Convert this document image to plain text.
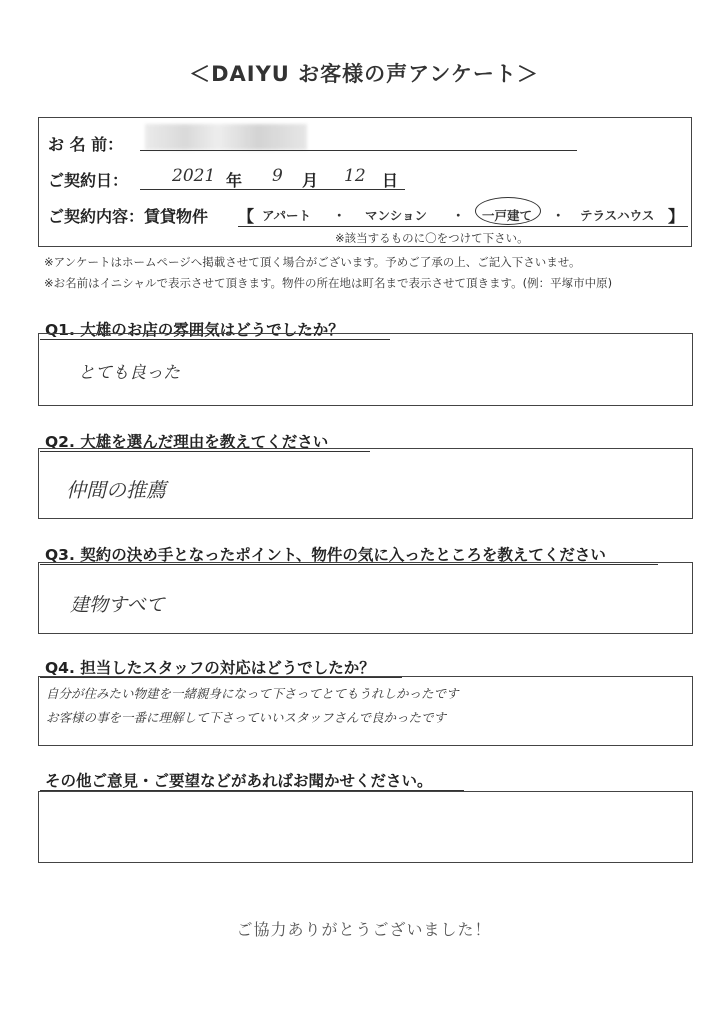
＜DAIYU お客様の声アンケート＞
お 名 前：
ご契約日：	2021 年 9 月 12 日
ご契約内容：賃貸物件 【 アパート ・ マンション ・ 一戸建て ・ テラスハウス 】
※該当するものに〇をつけて下さい。
※アンケートはホームページへ掲載させて頂く場合がございます。予めご了承の上、ご記入下さいませ。
※お名前はイニシャルで表示させて頂きます。物件の所在地は町名まで表示させて頂きます。(例：平塚市中原)
Q1. 大雄のお店の雰囲気はどうでしたか？
とても良った
Q2. 大雄を選んだ理由を教えてください
仲間の推薦
Q3. 契約の決め手となったポイント、物件の気に入ったところを教えてください
建物すべて
Q4. 担当したスタッフの対応はどうでしたか？
自分が住みたい物建を一緒親身になって下さってとてもうれしかったです
お客様の事を一番に理解して下さっていいスタッフさんで良かったです
その他ご意見・ご要望などがあればお聞かせください。
ご協力ありがとうございました！
